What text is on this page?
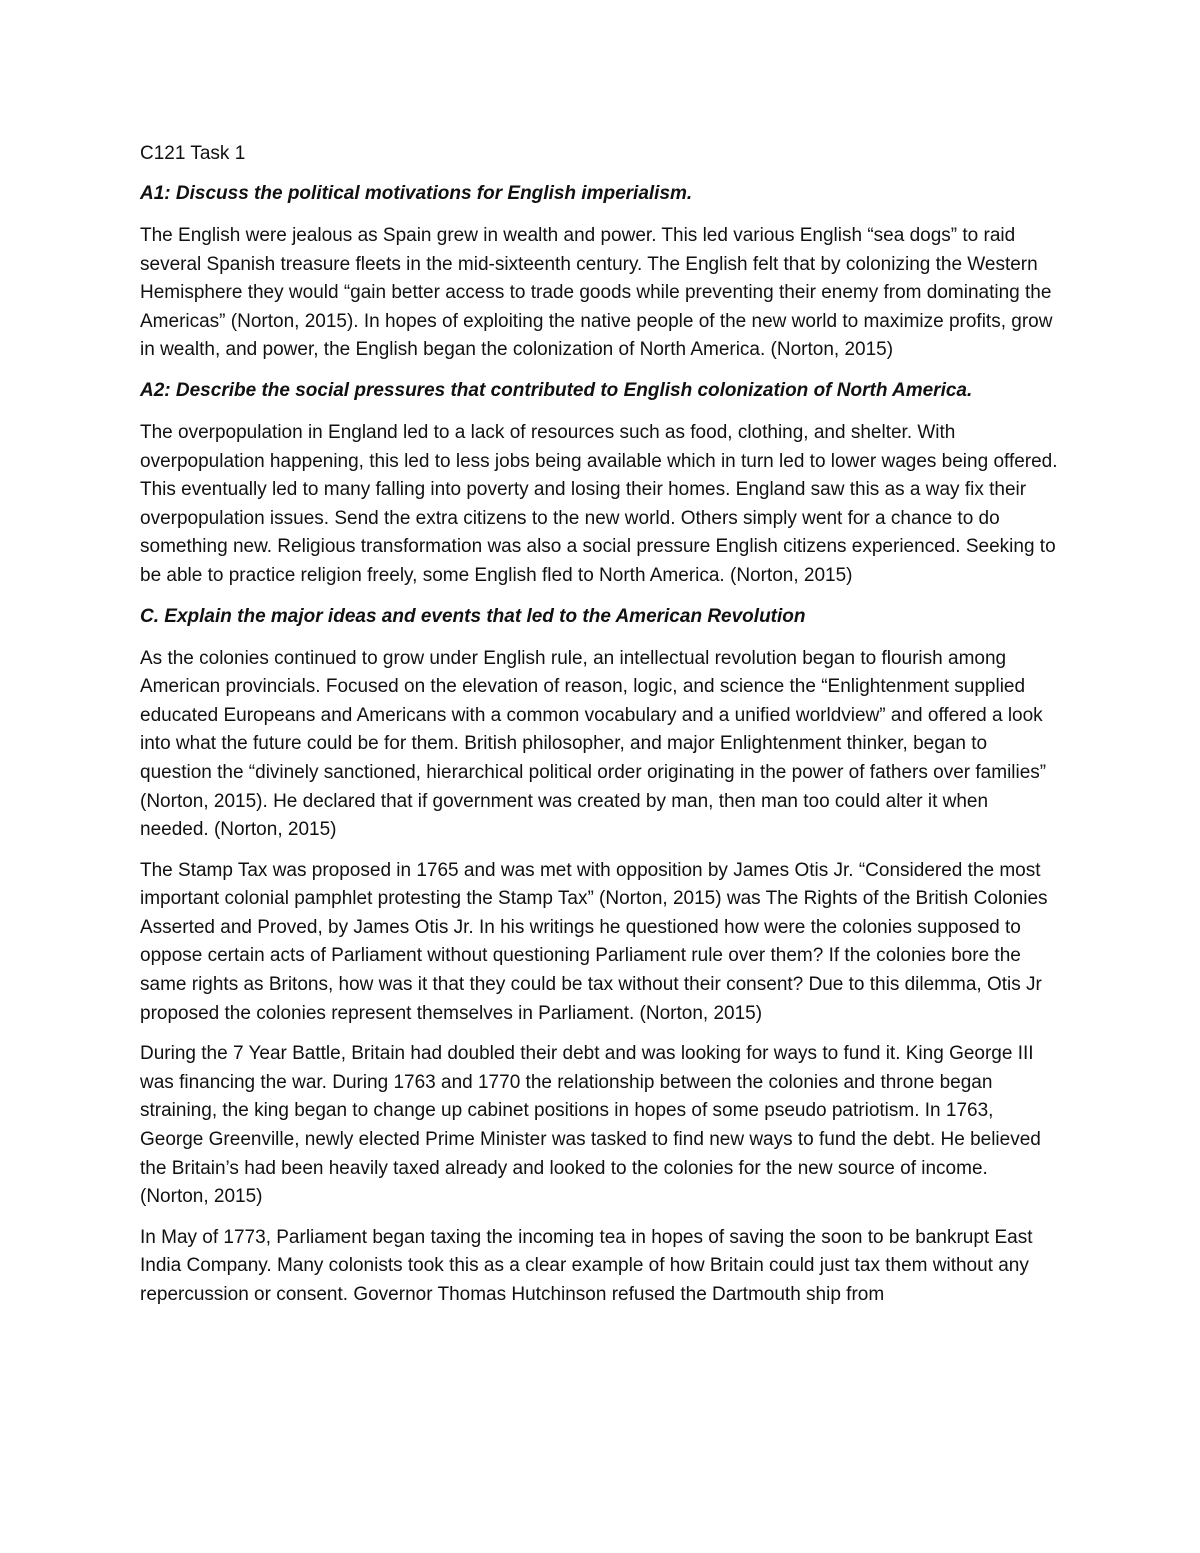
C121 Task 1
A1: Discuss the political motivations for English imperialism.

The English were jealous as Spain grew in wealth and power. This led various English “sea dogs” to raid several Spanish treasure fleets in the mid-sixteenth century. The English felt that by colonizing the Western Hemisphere they would “gain better access to trade goods while preventing their enemy from dominating the Americas” (Norton, 2015). In hopes of exploiting the native people of the new world to maximize profits, grow in wealth, and power, the English began the colonization of North America. (Norton, 2015)

A2: Describe the social pressures that contributed to English colonization of North America.

The overpopulation in England led to a lack of resources such as food, clothing, and shelter. With overpopulation happening, this led to less jobs being available which in turn led to lower wages being offered. This eventually led to many falling into poverty and losing their homes. England saw this as a way fix their overpopulation issues. Send the extra citizens to the new world. Others simply went for a chance to do something new. Religious transformation was also a social pressure English citizens experienced. Seeking to be able to practice religion freely, some English fled to North America. (Norton, 2015)

C. Explain the major ideas and events that led to the American Revolution

As the colonies continued to grow under English rule, an intellectual revolution began to flourish among American provincials. Focused on the elevation of reason, logic, and science the “Enlightenment supplied educated Europeans and Americans with a common vocabulary and a unified worldview” and offered a look into what the future could be for them. British philosopher, and major Enlightenment thinker, began to question the “divinely sanctioned, hierarchical political order originating in the power of fathers over families” (Norton, 2015). He declared that if government was created by man, then man too could alter it when needed. (Norton, 2015)

The Stamp Tax was proposed in 1765 and was met with opposition by James Otis Jr. “Considered the most important colonial pamphlet protesting the Stamp Tax” (Norton, 2015) was The Rights of the British Colonies Asserted and Proved, by James Otis Jr. In his writings he questioned how were the colonies supposed to oppose certain acts of Parliament without questioning Parliament rule over them? If the colonies bore the same rights as Britons, how was it that they could be tax without their consent? Due to this dilemma, Otis Jr proposed the colonies represent themselves in Parliament. (Norton, 2015)

During the 7 Year Battle, Britain had doubled their debt and was looking for ways to fund it. King George III was financing the war. During 1763 and 1770 the relationship between the colonies and throne began straining, the king began to change up cabinet positions in hopes of some pseudo patriotism. In 1763, George Greenville, newly elected Prime Minister was tasked to find new ways to fund the debt. He believed the Britain’s had been heavily taxed already and looked to the colonies for the new source of income. (Norton, 2015)

In May of 1773, Parliament began taxing the incoming tea in hopes of saving the soon to be bankrupt East India Company. Many colonists took this as a clear example of how Britain could just tax them without any repercussion or consent. Governor Thomas Hutchinson refused the Dartmouth ship from
